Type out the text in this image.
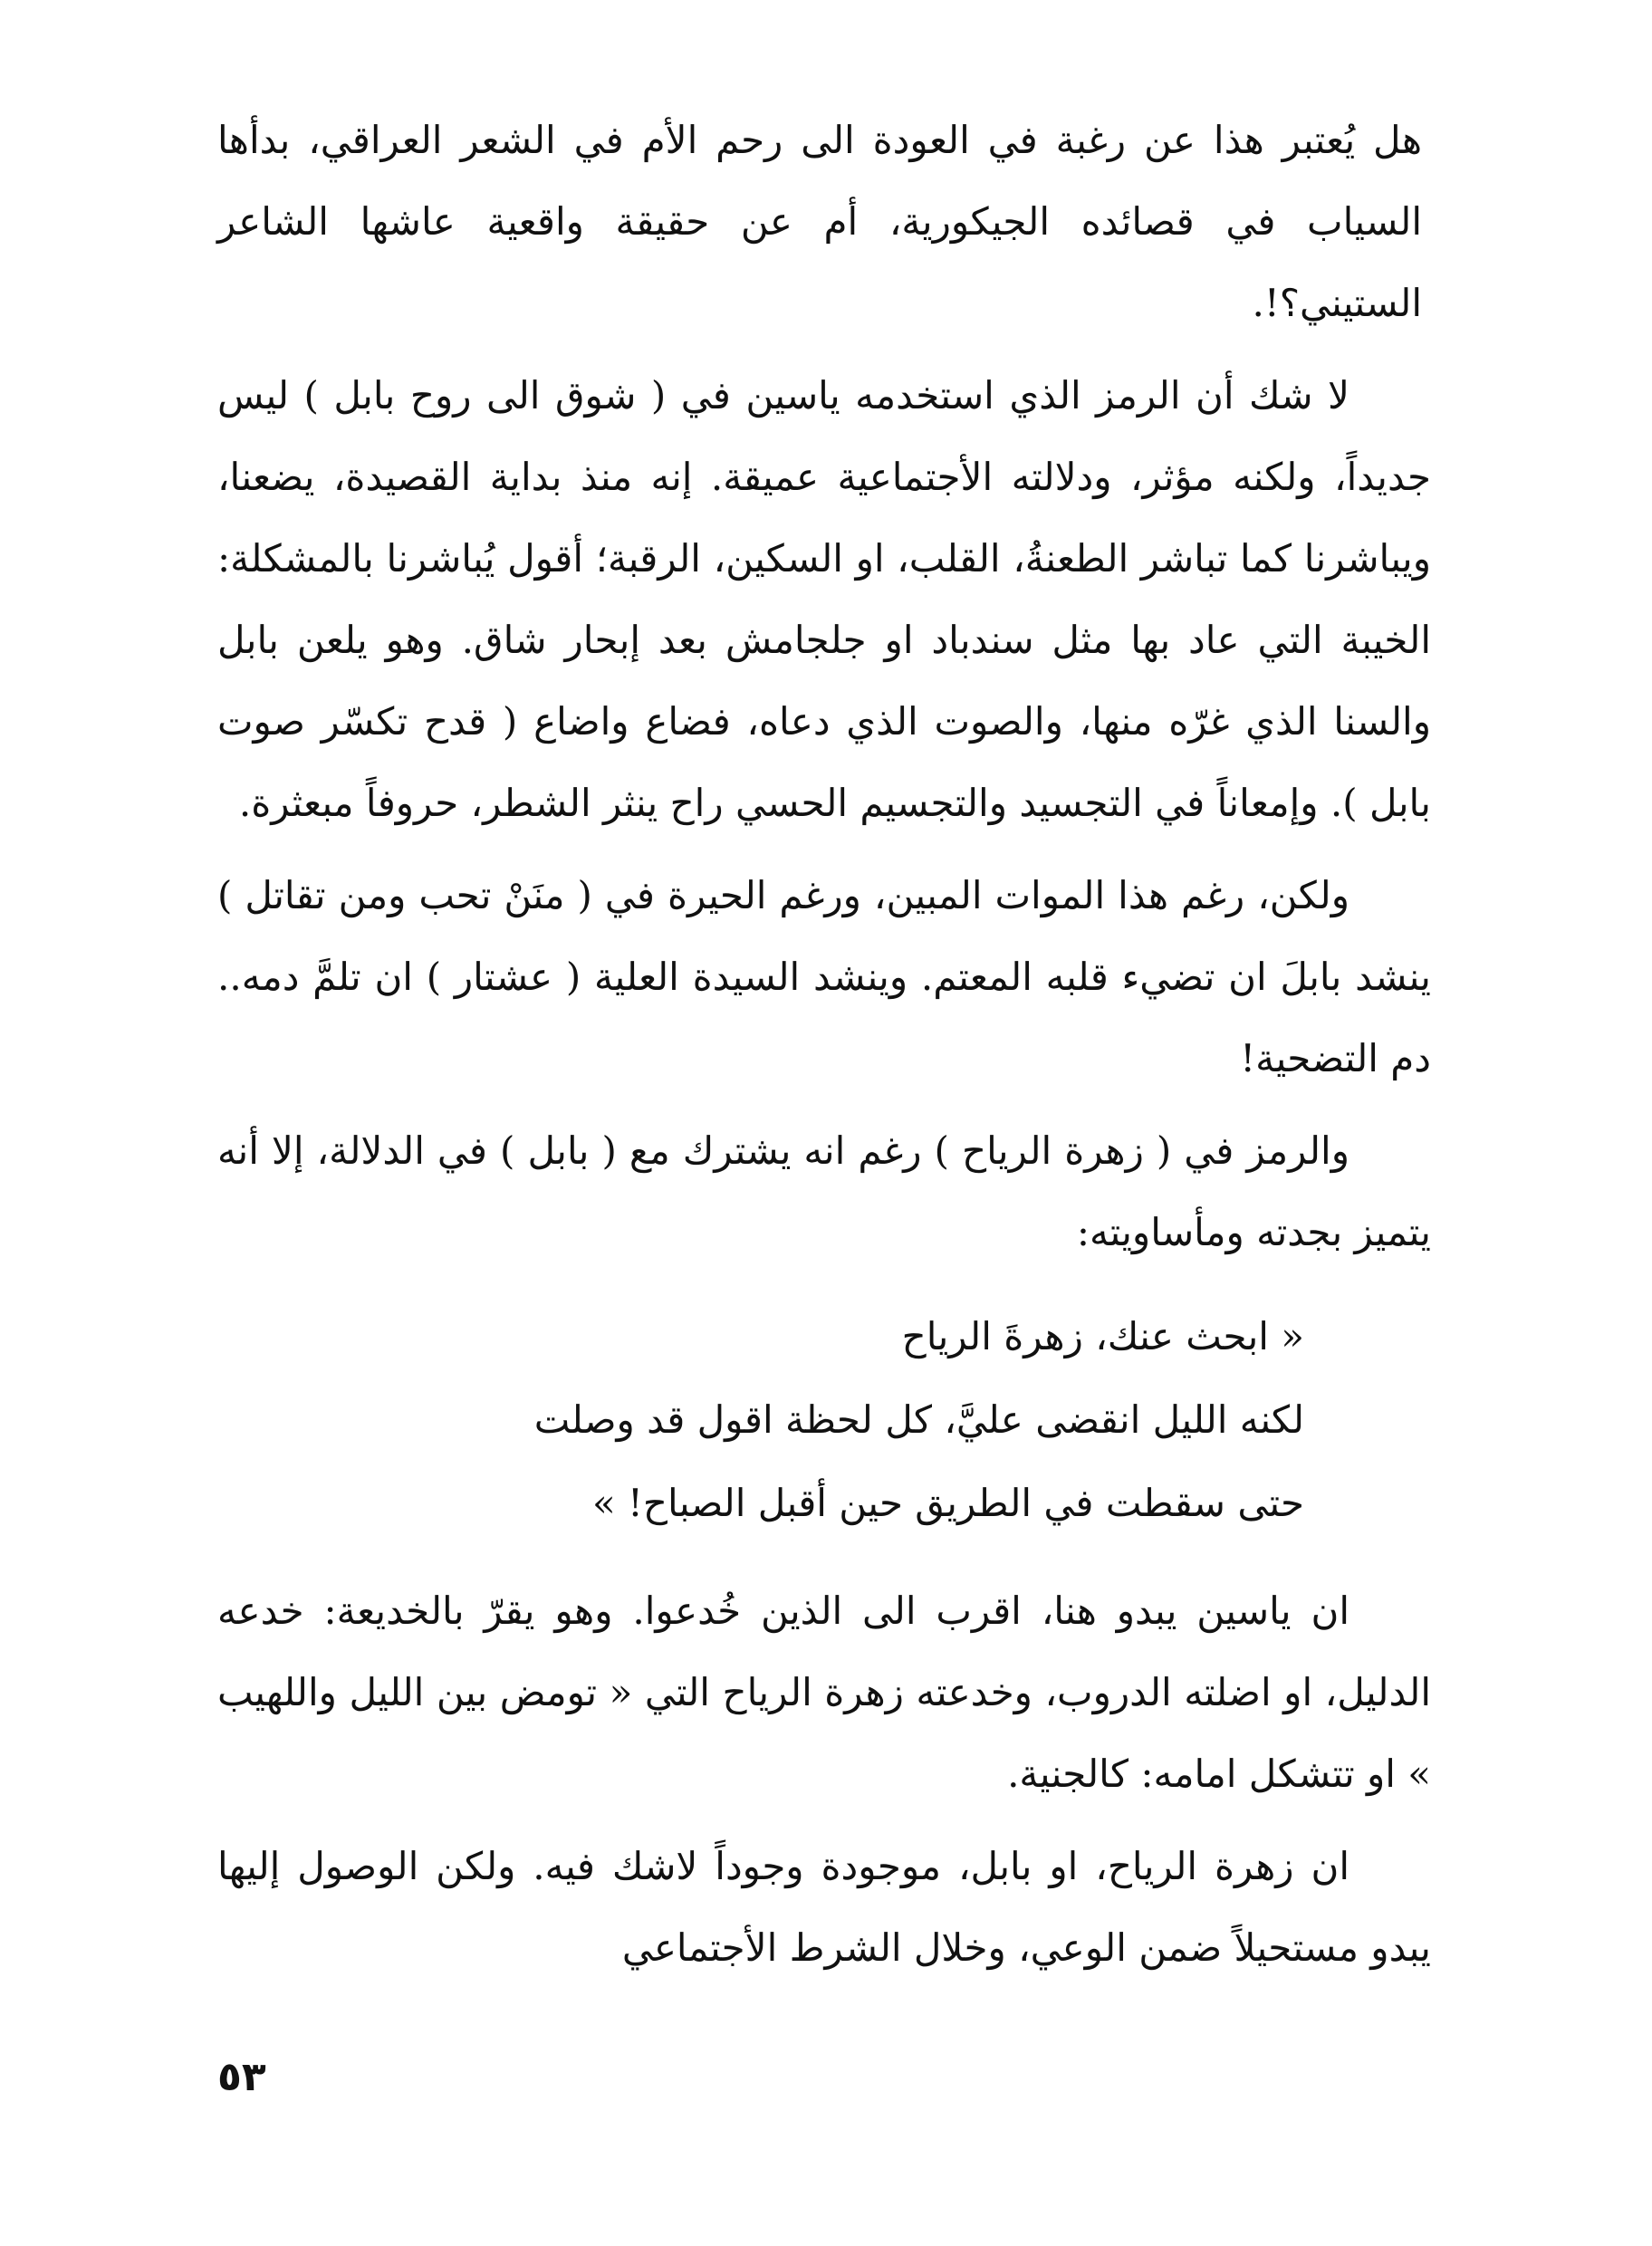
هل يُعتبر هذا عن رغبة في العودة الى رحم الأم في الشعر العراقي، بدأها السياب في قصائده الجيكورية، أم عن حقيقة واقعية عاشها الشاعر الستيني؟!.

لا شك أن الرمز الذي استخدمه ياسين في ( شوق الى روح بابل ) ليس جديداً، ولكنه مؤثر، ودلالته الأجتماعية عميقة. إنه منذ بداية القصيدة، يضعنا، ويباشرنا كما تباشر الطعنةُ، القلب، او السكين، الرقبة؛ أقول يُباشرنا بالمشكلة: الخيبة التي عاد بها مثل سندباد او جلجامش بعد إبحار شاق. وهو يلعن بابل والسنا الذي غرّه منها، والصوت الذي دعاه، فضاع واضاع ( قدح تكسّر صوت بابل ). وإمعاناً في التجسيد والتجسيم الحسي راح ينثر الشطر، حروفاً مبعثرة.

ولكن، رغم هذا الموات المبين، ورغم الحيرة في ( منَنْ تحب ومن تقاتل ) ينشد بابلَ ان تضيء قلبه المعتم. وينشد السيدة العلية ( عشتار ) ان تلمَّ دمه.. دم التضحية!

والرمز في ( زهرة الرياح ) رغم انه يشترك مع ( بابل ) في الدلالة، إلا أنه يتميز بجدته ومأساويته:

« ابحث عنك، زهرةَ الرياح
لكنه الليل انقضى عليَّ، كل لحظة اقول قد وصلت
حتى سقطت في الطريق حين أقبل الصباح! »

ان ياسين يبدو هنا، اقرب الى الذين خُدعوا. وهو يقرّ بالخديعة: خدعه الدليل، او اضلته الدروب، وخدعته زهرة الرياح التي « تومض بين الليل واللهيب » او تتشكل امامه: كالجنية.

ان زهرة الرياح، او بابل، موجودة وجوداً لاشك فيه. ولكن الوصول إليها يبدو مستحيلاً ضمن الوعي، وخلال الشرط الأجتماعي

٥٣
